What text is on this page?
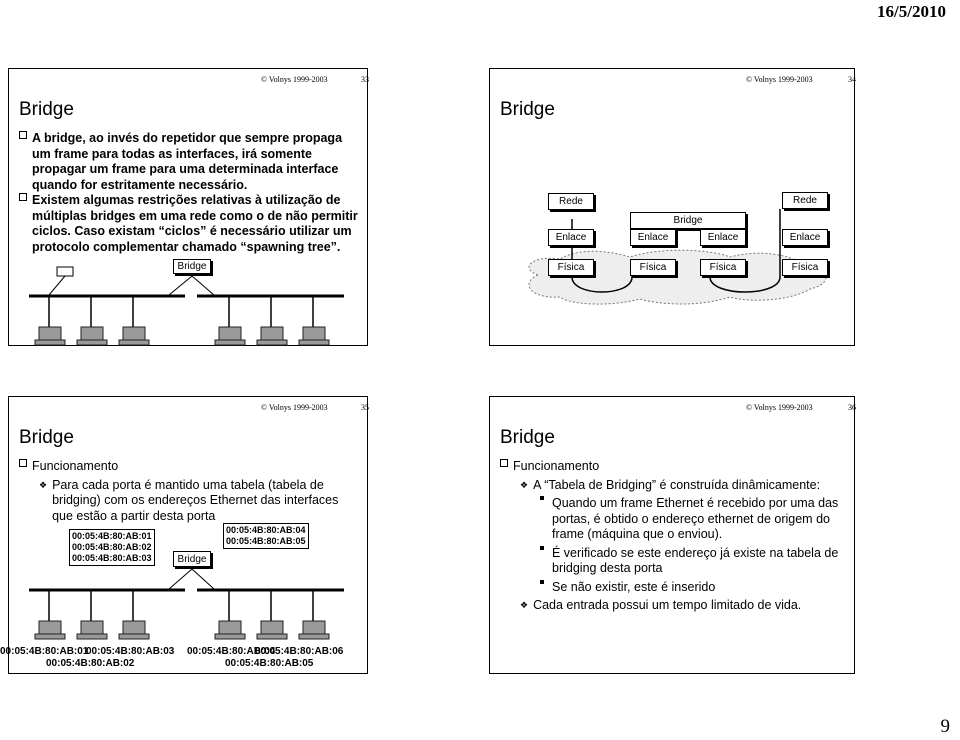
16/5/2010
© Volnys 1999-2003	33
Bridge
A bridge, ao invés do repetidor que sempre propaga um frame para todas as interfaces, irá somente propagar um frame para uma determinada interface quando for estritamente necessário.
Existem algumas restrições relativas à utilização de múltiplas bridges em uma rede como o de não permitir ciclos. Caso existam “ciclos” é necessário utilizar um protocolo complementar chamado “spawning tree”.
Bridge
© Volnys 1999-2003	34
Bridge
Rede
Enlace
Física
Bridge
Enlace	Enlace
Física	Física
Rede
Enlace
Física
© Volnys 1999-2003	35
Bridge
Funcionamento
❖ Para cada porta é mantido uma tabela (tabela de bridging) com os endereços Ethernet das interfaces que estão a partir desta porta
00:05:4B:80:AB:01
00:05:4B:80:AB:02
00:05:4B:80:AB:03
00:05:4B:80:AB:04
00:05:4B:80:AB:05
Bridge
00:05:4B:80:AB:01
00:05:4B:80:AB:03 00:05:4B:80:AB:04
00:05:4B:80:AB:06
00:05:4B:80:AB:02	00:05:4B:80:AB:05
© Volnys 1999-2003	36
Bridge
Funcionamento
❖ A “Tabela de Bridging” é construída dinâmicamente:
Quando um frame Ethernet é recebido por uma das portas, é obtido o endereço ethernet de origem do frame (máquina que o enviou).
É verificado se este endereço já existe na tabela de bridging desta porta
Se não existir, este é inserido
❖ Cada entrada possui um tempo limitado de vida.
9
